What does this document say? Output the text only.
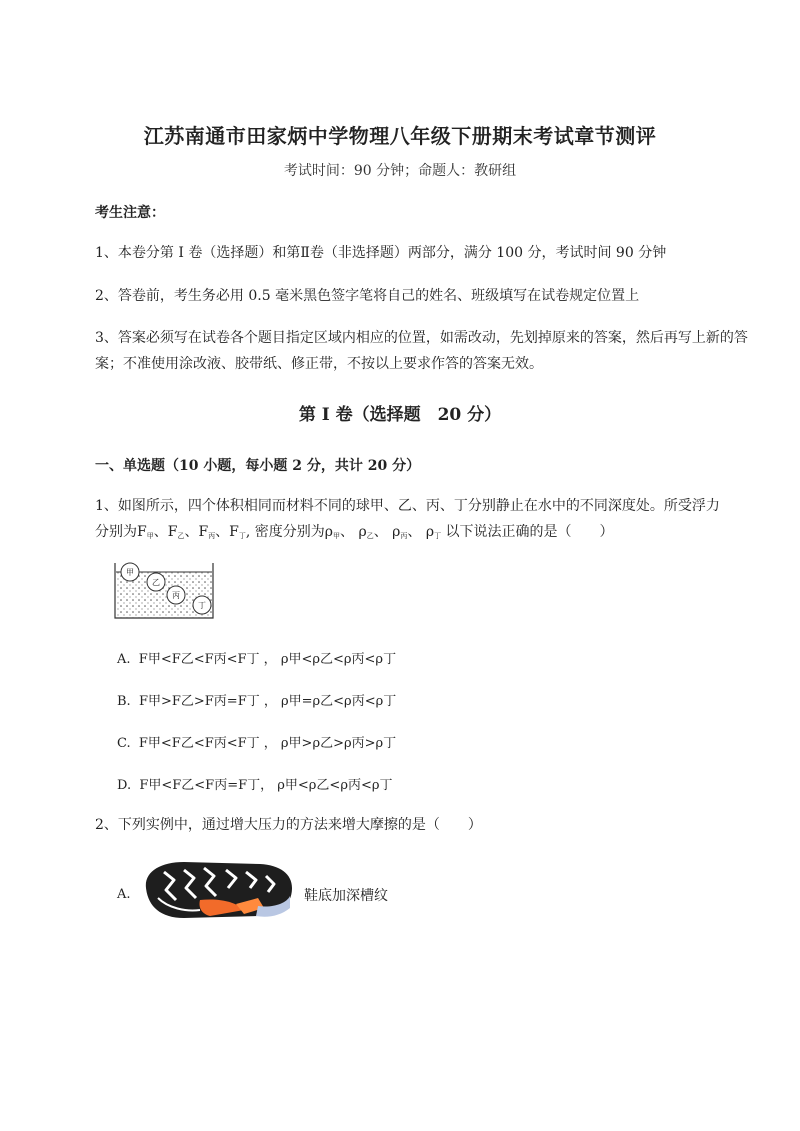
江苏南通市田家炳中学物理八年级下册期末考试章节测评
考试时间：90 分钟；命题人：教研组
考生注意：
1、本卷分第 I 卷（选择题）和第Ⅱ卷（非选择题）两部分，满分 100 分，考试时间 90 分钟
2、答卷前，考生务必用 0.5 毫米黑色签字笔将自己的姓名、班级填写在试卷规定位置上
3、答案必须写在试卷各个题目指定区域内相应的位置，如需改动，先划掉原来的答案，然后再写上新的答案；不准使用涂改液、胶带纸、修正带，不按以上要求作答的答案无效。
第 I 卷（选择题　20 分）
一、单选题（10 小题，每小题 2 分，共计 20 分）
1、如图所示，四个体积相同而材料不同的球甲、乙、丙、丁分别静止在水中的不同深度处。所受浮力
分别为$F_甲$、$F_乙$、$F_丙$、$F_丁$, 密度分别为$\rho_甲$、 $\rho_乙$、 $\rho_丙$、 $\rho_丁$ 以下说法正确的是（　　）
甲
乙
丙
丁
A. F甲<F乙<F丙<F丁 ， ρ甲<ρ乙<ρ丙<ρ丁
B. F甲>F乙>F丙=F丁 ， ρ甲=ρ乙<ρ丙<ρ丁
C. F甲<F乙<F丙<F丁 ， ρ甲>ρ乙>ρ丙>ρ丁
D. F甲<F乙<F丙=F丁， ρ甲<ρ乙<ρ丙<ρ丁
2、下列实例中，通过增大压力的方法来增大摩擦的是（　　）
A.	鞋底加深槽纹
